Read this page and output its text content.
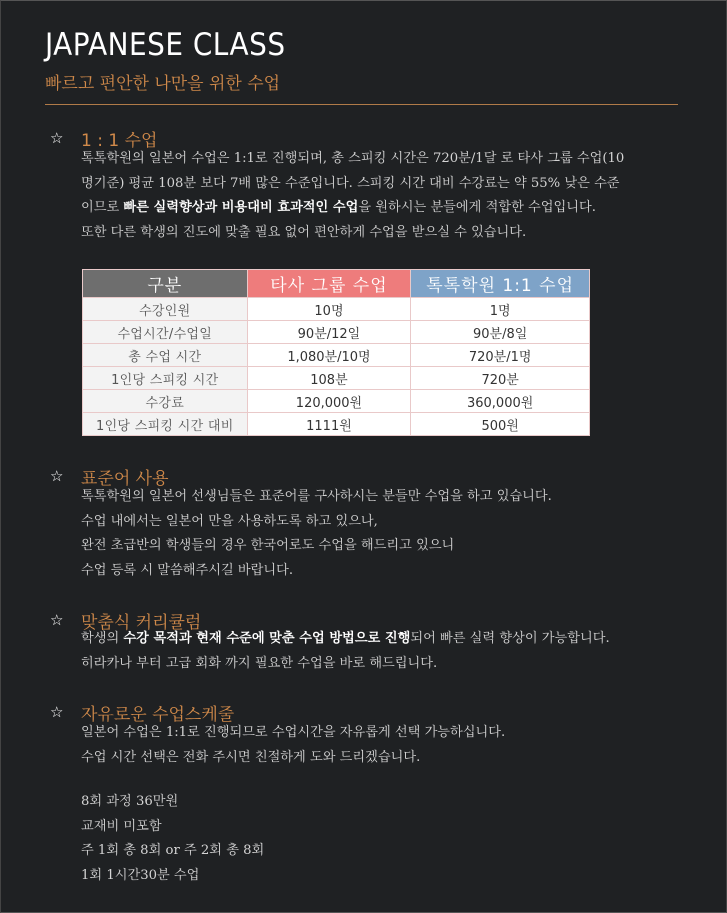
JAPANESE CLASS
빠르고 편안한 나만을 위한 수업
☆ 1 : 1 수업
톡톡학원의 일본어 수업은 1:1로 진행되며, 총 스피킹 시간은 720분/1달 로 타사 그룹 수업(10
명기준) 평균 108분 보다 7배 많은 수준입니다. 스피킹 시간 대비 수강료는 약 55% 낮은 수준
이므로 빠른 실력향상과 비용대비 효과적인 수업을 원하시는 분들에게 적합한 수업입니다.
또한 다른 학생의 진도에 맞출 필요 없어 편안하게 수업을 받으실 수 있습니다.
구분	타사 그룹 수업	톡톡학원 1:1 수업
수강인원	10명	1명
수업시간/수업일	90분/12일	90분/8일
총 수업 시간	1,080분/10명	720분/1명
1인당 스피킹 시간	108분	720분
수강료	120,000원	360,000원
1인당 스피킹 시간 대비	1111원	500원
☆ 표준어 사용
톡톡학원의 일본어 선생님들은 표준어를 구사하시는 분들만 수업을 하고 있습니다.
수업 내에서는 일본어 만을 사용하도록 하고 있으나,
완전 초급반의 학생들의 경우 한국어로도 수업을 해드리고 있으니
수업 등록 시 말씀해주시길 바랍니다.
☆ 맞춤식 커리큘럼
학생의 수강 목적과 현재 수준에 맞춘 수업 방법으로 진행되어 빠른 실력 향상이 가능합니다.
히라카나 부터 고급 회화 까지 필요한 수업을 바로 해드립니다.
☆ 자유로운 수업스케줄
일본어 수업은 1:1로 진행되므로 수업시간을 자유롭게 선택 가능하십니다.
수업 시간 선택은 전화 주시면 친절하게 도와 드리겠습니다.
8회 과정 36만원
교재비 미포함
주 1회 총 8회 or 주 2회 총 8회
1회 1시간30분 수업
